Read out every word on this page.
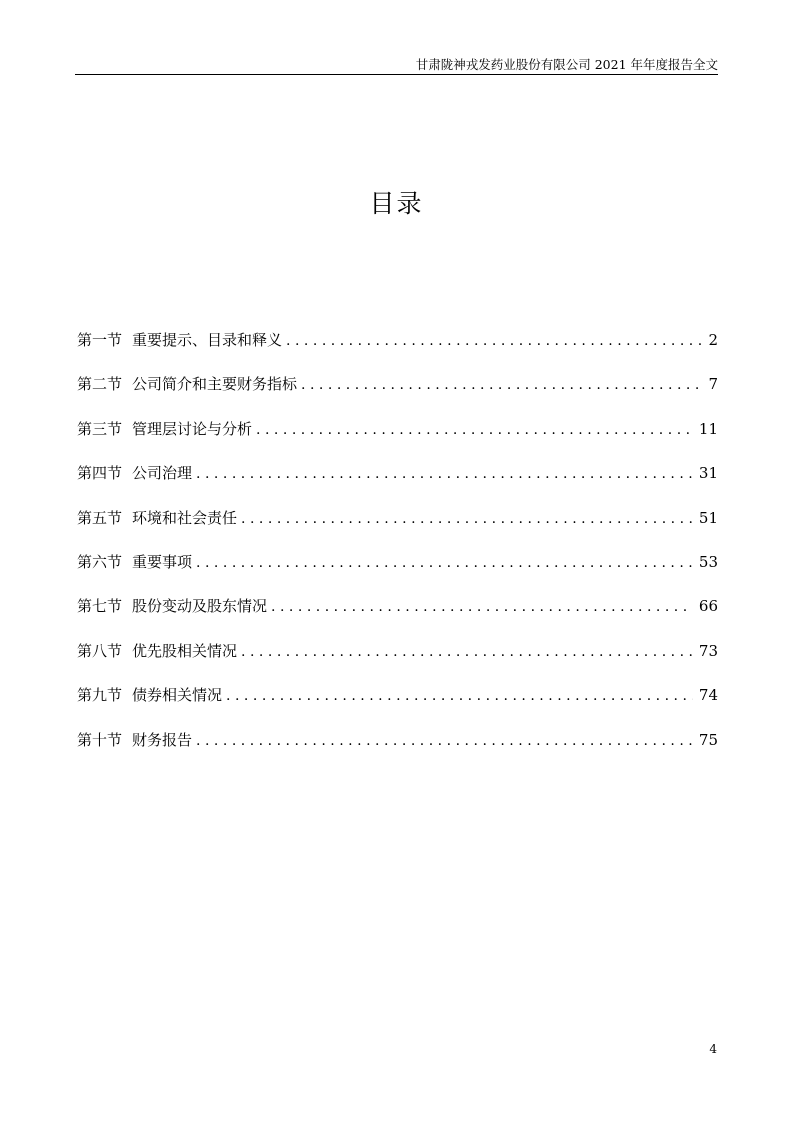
甘肃陇神戎发药业股份有限公司 2021 年年度报告全文
目录
第一节 重要提示、目录和释义 .....	2
第二节 公司简介和主要财务指标 .....	7
第三节 管理层讨论与分析 .....	11
第四节 公司治理 .....	31
第五节 环境和社会责任 .....	51
第六节 重要事项 .....	53
第七节 股份变动及股东情况 .....	66
第八节 优先股相关情况 .....	73
第九节 债券相关情况 .....	74
第十节 财务报告 .....	75
4
